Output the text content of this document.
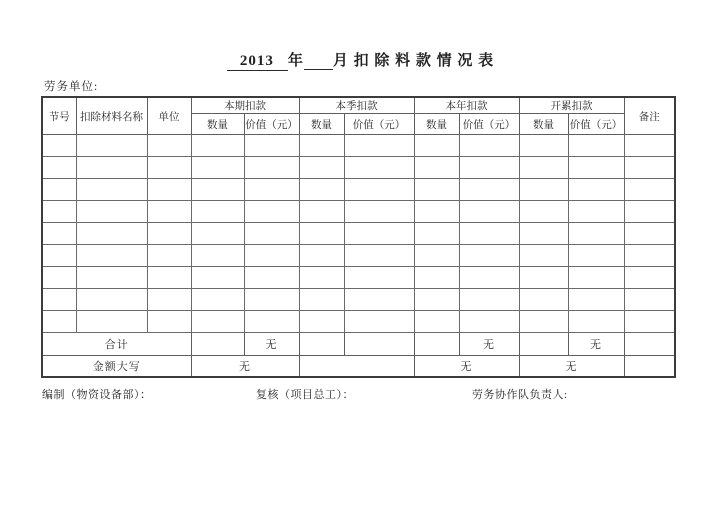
2013 年 月 扣 除 料 款 情 况 表
劳务单位:
节号	扣除材料名称	单位	本期扣款		本季扣款		本年扣款		开累扣款		备注
			数量	价值（元）	数量	价值（元）	数量	价值（元）	数量	价值（元）	

合计				无				无		无	
金额大写			无				无		无		
编制（物资设备部）：	复核（项目总工）：	劳务协作队负责人:
